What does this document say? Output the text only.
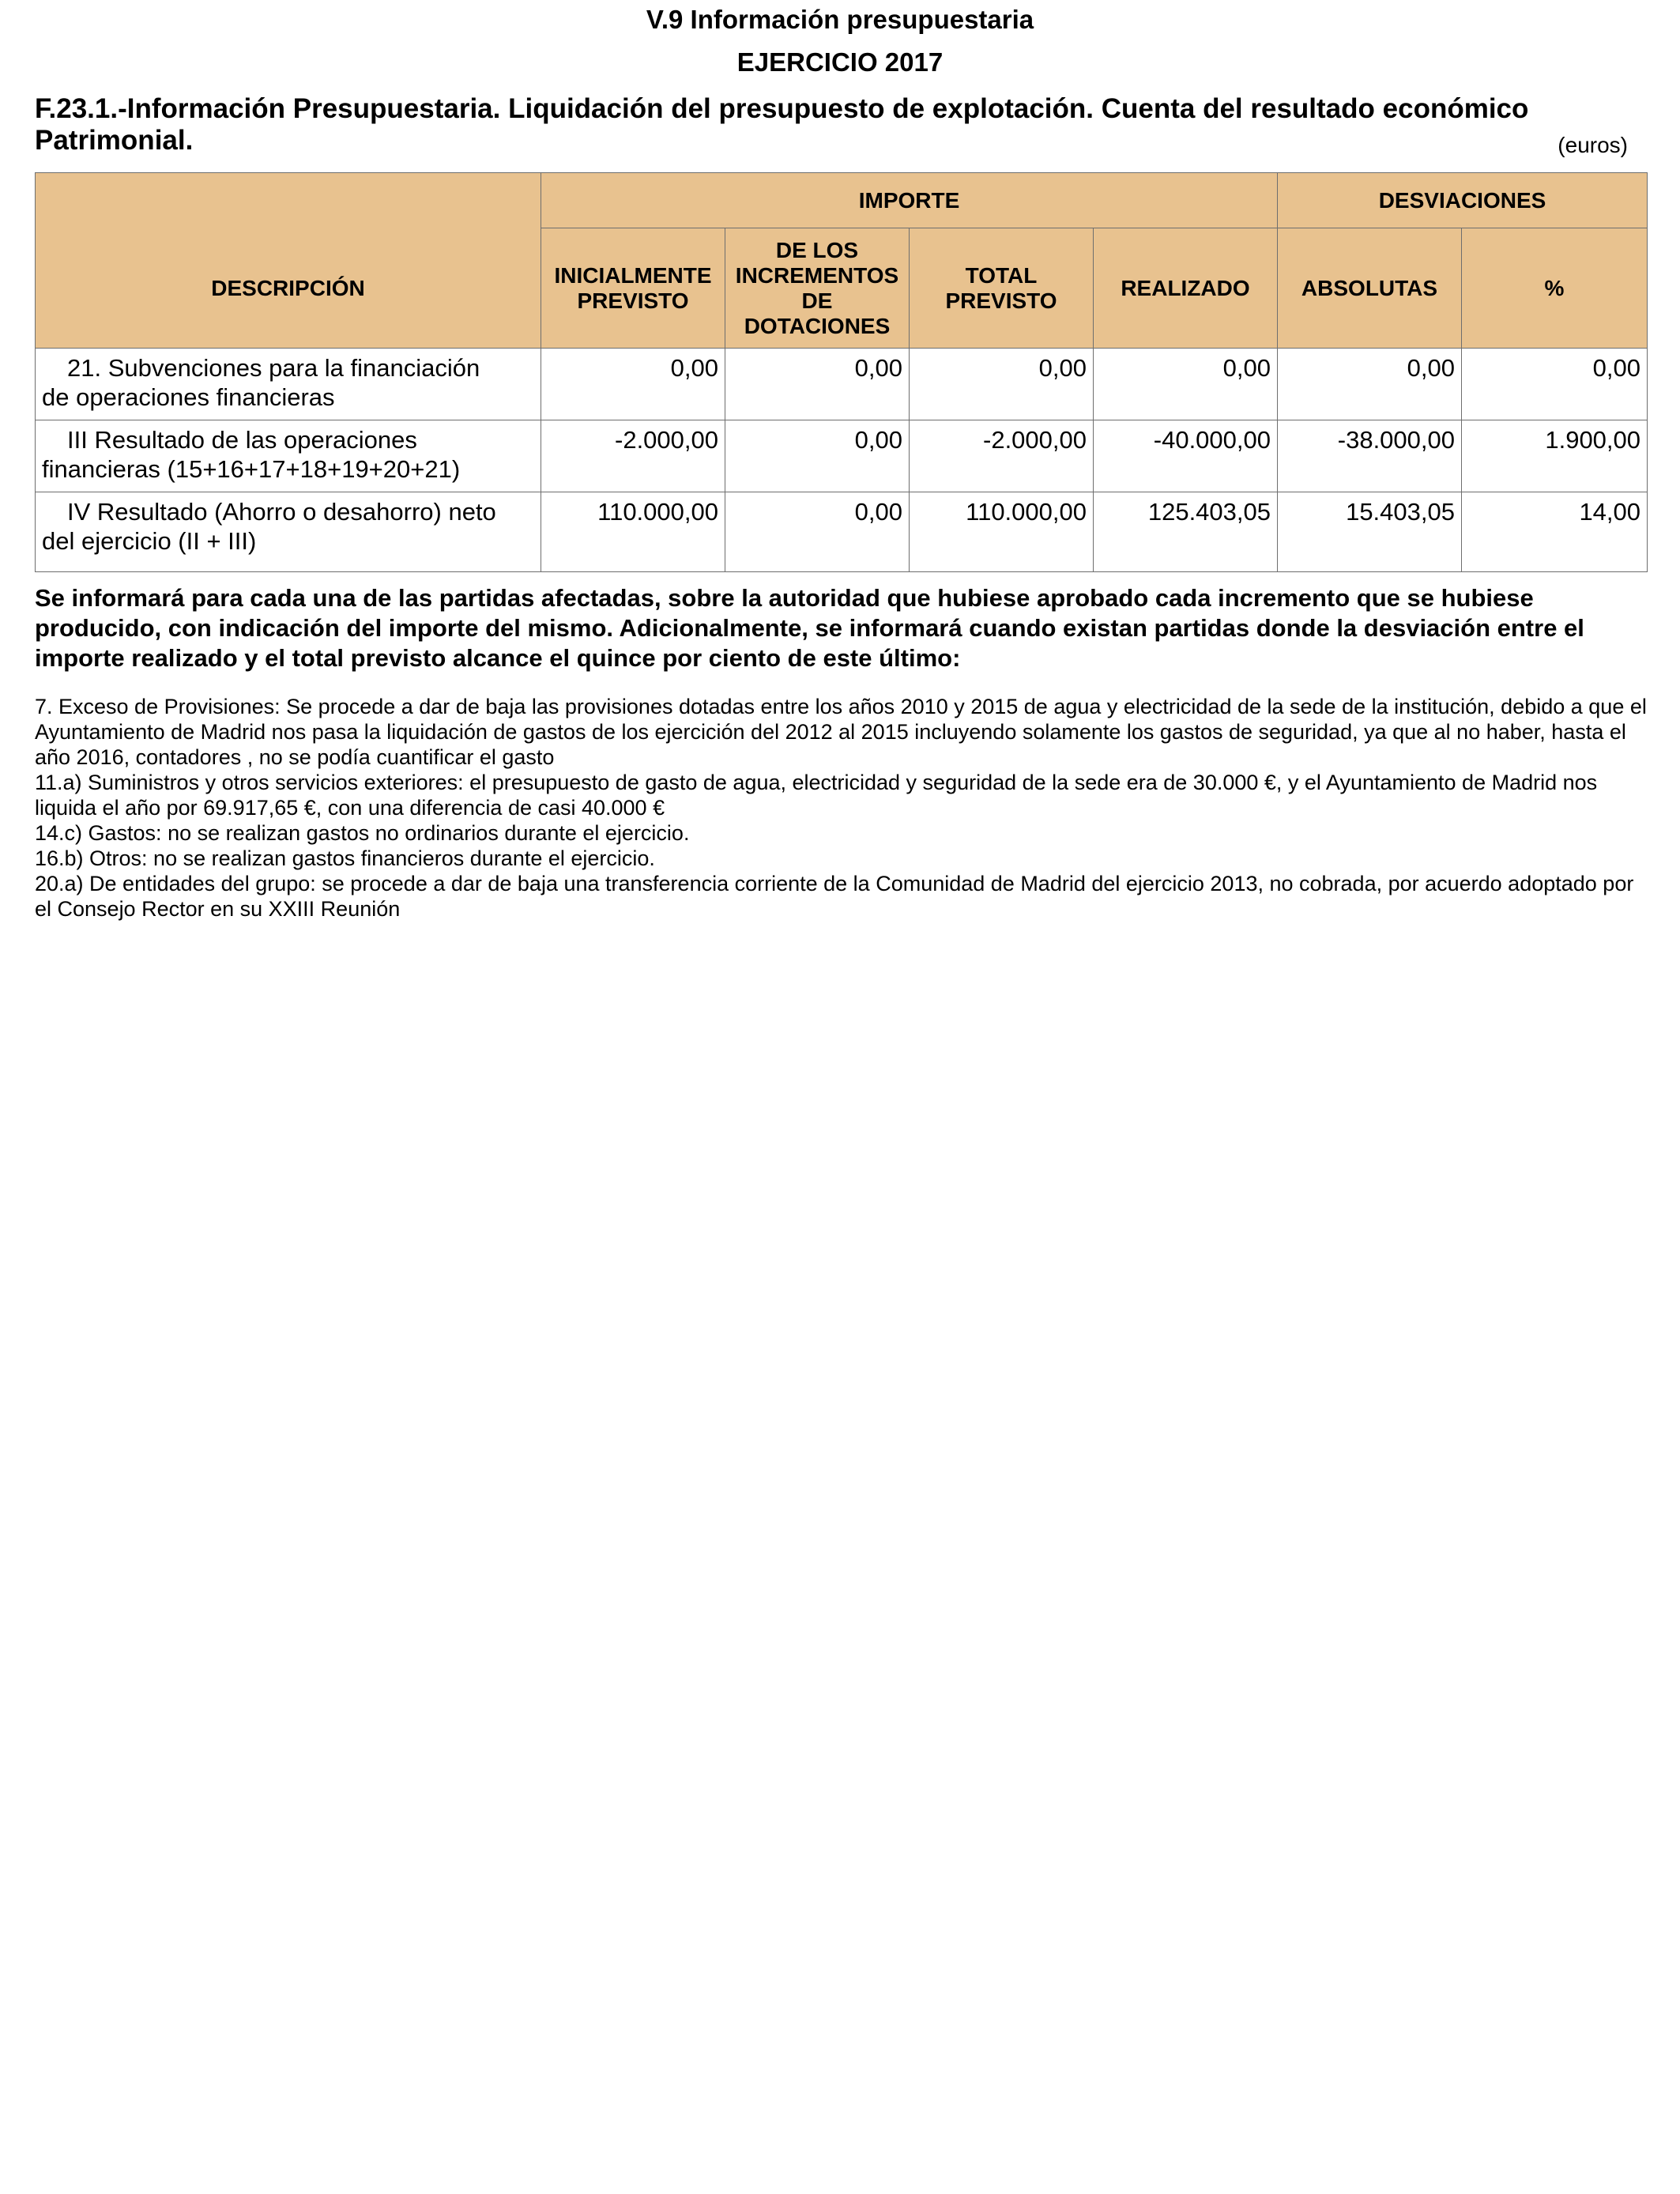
V.9 Información presupuestaria
EJERCICIO 2017
F.23.1.-Información Presupuestaria. Liquidación del presupuesto de explotación. Cuenta del resultado económico Patrimonial.	(euros)
DESCRIPCIÓN	IMPORTE				DESVIACIONES	
	INICIALMENTE PREVISTO	DE LOS INCREMENTOS DE DOTACIONES	TOTAL PREVISTO	REALIZADO	ABSOLUTAS	%

21. Subvenciones para la financiación
de operaciones financieras	0,00	0,00	0,00	0,00	0,00	0,00

III Resultado de las operaciones
financieras (15+16+17+18+19+20+21)	-2.000,00	0,00	-2.000,00	-40.000,00	-38.000,00	1.900,00

IV Resultado (Ahorro o desahorro) neto
del ejercicio (II + III)	110.000,00	0,00	110.000,00	125.403,05	15.403,05	14,00
Se informará para cada una de las partidas afectadas, sobre la autoridad que hubiese aprobado cada incremento que se hubiese producido, con indicación del importe del mismo. Adicionalmente, se informará cuando existan partidas donde la desviación entre el importe realizado y el total previsto alcance el quince por ciento de este último:

7. Exceso de Provisiones: Se procede a dar de baja las provisiones dotadas entre los años 2010 y 2015 de agua y electricidad de la sede de la institución, debido a que el Ayuntamiento de Madrid nos pasa la liquidación de gastos de los ejercición del 2012 al 2015 incluyendo solamente los gastos de seguridad, ya que al no haber, hasta el año 2016, contadores , no se podía cuantificar el gasto

11.a) Suministros y otros servicios exteriores: el presupuesto de gasto de agua, electricidad y seguridad de la sede era de 30.000 €, y el Ayuntamiento de Madrid nos liquida el año por 69.917,65 €, con una diferencia de casi 40.000 €

14.c) Gastos: no se realizan gastos no ordinarios durante el ejercicio.

16.b) Otros: no se realizan gastos financieros durante el ejercicio.

20.a) De entidades del grupo: se procede a dar de baja una transferencia corriente de la Comunidad de Madrid del ejercicio 2013, no cobrada, por acuerdo adoptado por el Consejo Rector en su XXIII Reunión
